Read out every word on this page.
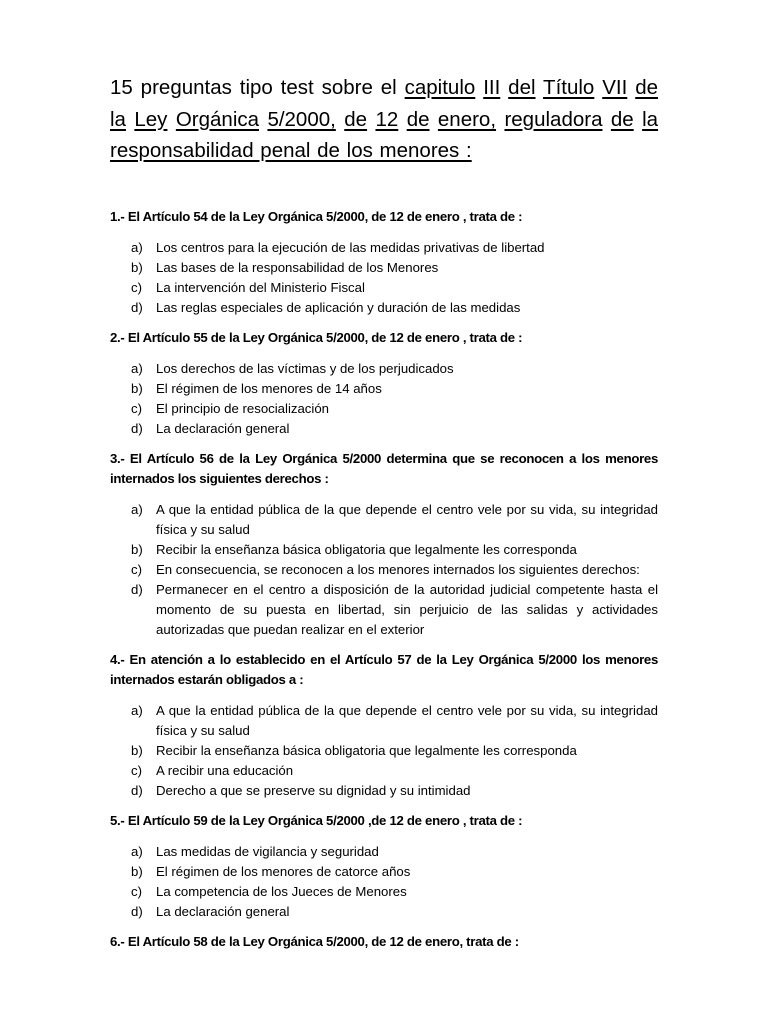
15 preguntas tipo test sobre el capitulo III del Título VII de la Ley Orgánica 5/2000, de 12 de enero, reguladora de la responsabilidad penal de los menores :

1.- El Artículo 54 de la Ley Orgánica 5/2000, de 12 de enero , trata de :

a)	Los centros para la ejecución de las medidas privativas de libertad
b)	Las bases de la responsabilidad de los Menores
c)	La intervención del Ministerio Fiscal
d)	Las reglas especiales de aplicación y duración de las medidas

2.- El Artículo 55 de la Ley Orgánica 5/2000, de 12 de enero , trata de :

a)	Los derechos de las víctimas y de los perjudicados
b)	El régimen de los menores de 14 años
c)	El principio de resocialización
d)	La declaración general

3.- El Artículo 56 de la Ley Orgánica 5/2000 determina que se reconocen a los menores internados los siguientes derechos :

a)	A que la entidad pública de la que depende el centro vele por su vida, su integridad física y su salud
b)	Recibir la enseñanza básica obligatoria que legalmente les corresponda
c)	En consecuencia, se reconocen a los menores internados los siguientes derechos:
d)	Permanecer en el centro a disposición de la autoridad judicial competente hasta el momento de su puesta en libertad, sin perjuicio de las salidas y actividades autorizadas que puedan realizar en el exterior

4.- En atención a lo establecido en el Artículo 57 de la Ley Orgánica 5/2000 los menores internados estarán obligados a :

a)	A que la entidad pública de la que depende el centro vele por su vida, su integridad física y su salud
b)	Recibir la enseñanza básica obligatoria que legalmente les corresponda
c)	A recibir una educación
d)	Derecho a que se preserve su dignidad y su intimidad

5.- El Artículo 59 de la Ley Orgánica 5/2000 ,de 12 de enero , trata de :

a)	Las medidas de vigilancia y seguridad
b)	El régimen de los menores de catorce años
c)	La competencia de los Jueces de Menores
d)	La declaración general

6.- El Artículo 58 de la Ley Orgánica 5/2000, de 12 de enero, trata de :
